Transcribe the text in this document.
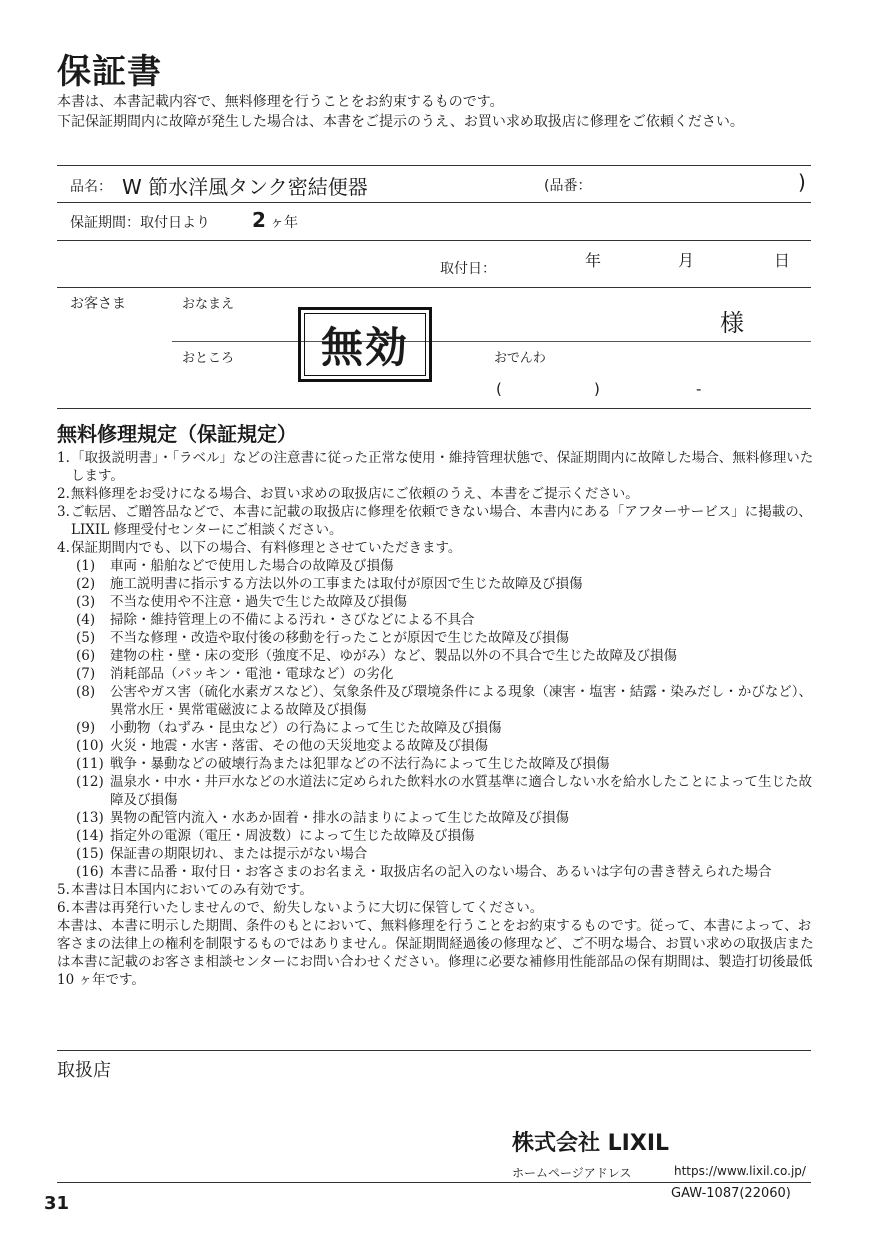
保証書
本書は、本書記載内容で、無料修理を行うことをお約束するものです。
下記保証期間内に故障が発生した場合は、本書をご提示のうえ、お買い求め取扱店に修理をご依頼ください。
品名： W 節水洋風タンク密結便器	(品番：	)
保証期間：取付日より 2 ヶ年
取付日：	年	月	日
お客さま	おなまえ
様
おところ	おでんわ
(	)	-
無効
無料修理規定（保証規定）
1. 「取扱説明書」・「ラベル」などの注意書に従った正常な使用・維持管理状態で、保証期間内に故障した場合、無料修理いたします。
2. 無料修理をお受けになる場合、お買い求めの取扱店にご依頼のうえ、本書をご提示ください。
3. ご転居、ご贈答品などで、本書に記載の取扱店に修理を依頼できない場合、本書内にある「アフターサービス」に掲載の、LIXIL 修理受付センターにご相談ください。
4. 保証期間内でも、以下の場合、有料修理とさせていただきます。
(1)	車両・船舶などで使用した場合の故障及び損傷
(2)	施工説明書に指示する方法以外の工事または取付が原因で生じた故障及び損傷
(3)	不当な使用や不注意・過失で生じた故障及び損傷
(4)	掃除・維持管理上の不備による汚れ・さびなどによる不具合
(5)	不当な修理・改造や取付後の移動を行ったことが原因で生じた故障及び損傷
(6)	建物の柱・壁・床の変形（強度不足、ゆがみ）など、製品以外の不具合で生じた故障及び損傷
(7)	消耗部品（パッキン・電池・電球など）の劣化
(8)	公害やガス害（硫化水素ガスなど）、気象条件及び環境条件による現象（凍害・塩害・結露・染みだし・かびなど）、異常水圧・異常電磁波による故障及び損傷
(9)	小動物（ねずみ・昆虫など）の行為によって生じた故障及び損傷
(10) 火災・地震・水害・落雷、その他の天災地変よる故障及び損傷
(11) 戦争・暴動などの破壊行為または犯罪などの不法行為によって生じた故障及び損傷
(12) 温泉水・中水・井戸水などの水道法に定められた飲料水の水質基準に適合しない水を給水したことによって生じた故障及び損傷
(13) 異物の配管内流入・水あか固着・排水の詰まりによって生じた故障及び損傷
(14) 指定外の電源（電圧・周波数）によって生じた故障及び損傷
(15) 保証書の期限切れ、または提示がない場合
(16) 本書に品番・取付日・お客さまのお名まえ・取扱店名の記入のない場合、あるいは字句の書き替えられた場合
5. 本書は日本国内においてのみ有効です。
6. 本書は再発行いたしませんので、紛失しないように大切に保管してください。
本書は、本書に明示した期間、条件のもとにおいて、無料修理を行うことをお約束するものです。従って、本書によって、お客さまの法律上の権利を制限するものではありません。保証期間経過後の修理など、ご不明な場合、お買い求めの取扱店または本書に記載のお客さま相談センターにお問い合わせください。修理に必要な補修用性能部品の保有期間は、製造打切後最低 10 ヶ年です。
取扱店
株式会社 LIXIL
ホームページアドレス	https://www.lixil.co.jp/
GAW-1087(22060)
31
